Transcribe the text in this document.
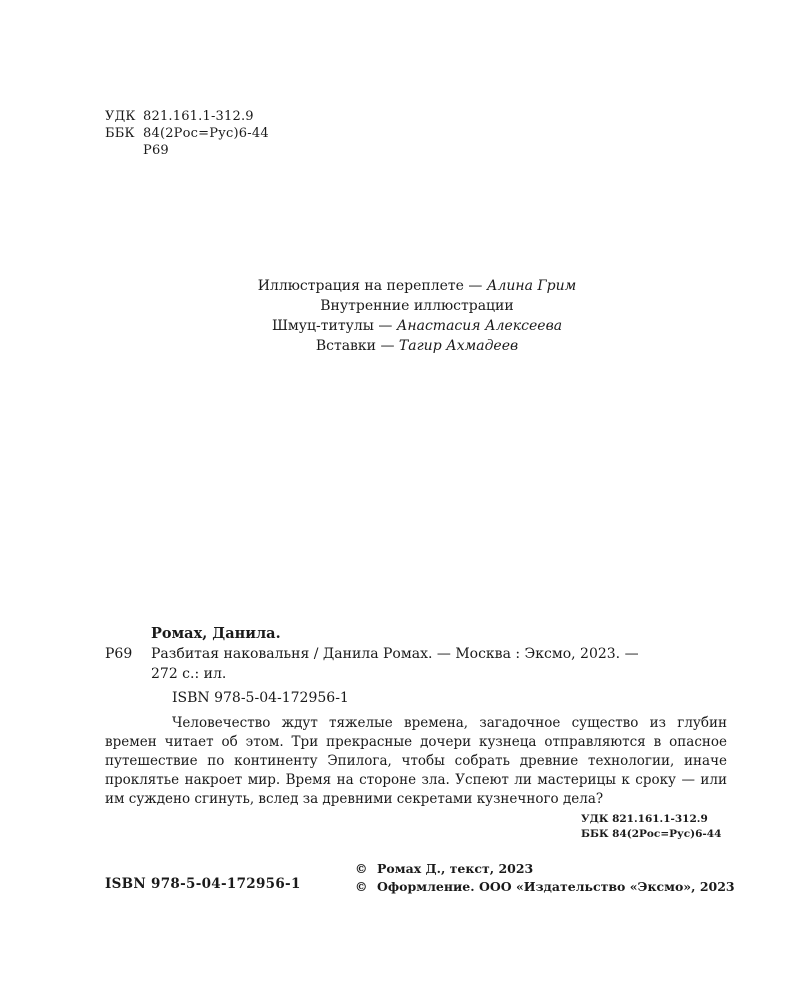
УДК 821.161.1-312.9
ББК 84(2Рос=Рус)6-44
Р69
Иллюстрация на переплете — Алина Грим
Внутренние иллюстрации
Шмуц-титулы — Анастасия Алексеева
Вставки — Тагир Ахмадеев
Ромах, Данила.
Р69	Разбитая наковальня / Данила Ромах. — Москва : Эксмо, 2023. —
272 с.: ил.
ISBN 978-5-04-172956-1
Человечество ждут тяжелые времена, загадочное существо из глубин времен читает об этом. Три прекрасные дочери кузнеца отправляются в опасное путешествие по континенту Эпилога, чтобы собрать древние технологии, иначе проклятье накроет мир. Время на стороне зла. Успеют ли мастерицы к сроку — или им суждено сгинуть, вслед за древними секретами кузнечного дела?
УДК 821.161.1-312.9
ББК 84(2Рос=Рус)6-44
ISBN 978-5-04-172956-1
© Ромах Д., текст, 2023
© Оформление. ООО «Издательство «Эксмо», 2023
